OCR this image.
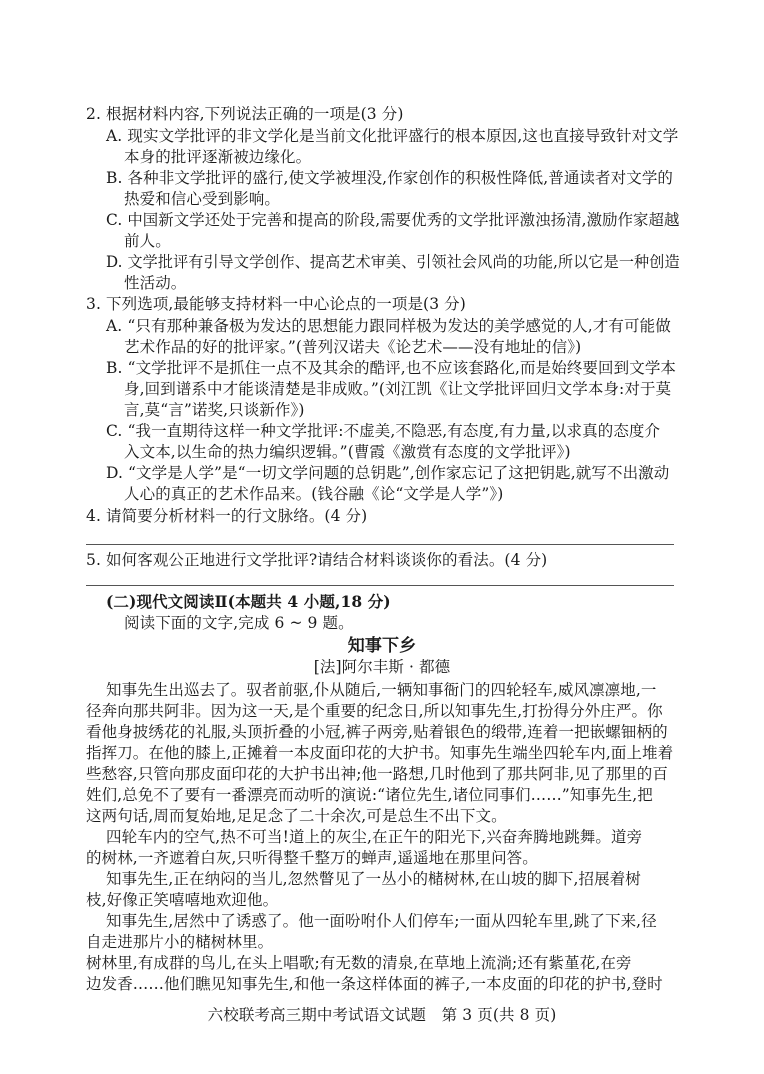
2. 根据材料内容,下列说法正确的一项是(3 分)
A. 现实文学批评的非文学化是当前文化批评盛行的根本原因,这也直接导致针对文学
本身的批评逐渐被边缘化。
B. 各种非文学批评的盛行,使文学被埋没,作家创作的积极性降低,普通读者对文学的
热爱和信心受到影响。
C. 中国新文学还处于完善和提高的阶段,需要优秀的文学批评激浊扬清,激励作家超越
前人。
D. 文学批评有引导文学创作、提高艺术审美、引领社会风尚的功能,所以它是一种创造
性活动。
3. 下列选项,最能够支持材料一中心论点的一项是(3 分)
A. “只有那种兼备极为发达的思想能力跟同样极为发达的美学感觉的人,才有可能做
艺术作品的好的批评家。”(普列汉诺夫《论艺术——没有地址的信》)
B. “文学批评不是抓住一点不及其余的酷评,也不应该套路化,而是始终要回到文学本
身,回到谱系中才能谈清楚是非成败。”(刘江凯《让文学批评回归文学本身:对于莫
言,莫“言”诺奖,只谈新作》)
C. “我一直期待这样一种文学批评:不虚美,不隐恶,有态度,有力量,以求真的态度介
入文本,以生命的热力编织逻辑。”(曹霞《激赏有态度的文学批评》)
D. “文学是人学”是“一切文学问题的总钥匙”,创作家忘记了这把钥匙,就写不出激动
人心的真正的艺术作品来。(钱谷融《论“文学是人学”》)
4. 请简要分析材料一的行文脉络。(4 分)
5. 如何客观公正地进行文学批评?请结合材料谈谈你的看法。(4 分)
(二)现代文阅读Ⅱ(本题共 4 小题,18 分)
阅读下面的文字,完成 6 ~ 9 题。
知事下乡
[法]阿尔丰斯 · 都德
知事先生出巡去了。驭者前驱,仆从随后,一辆知事衙门的四轮轻车,威风凛凛地,一
径奔向那共阿非。因为这一天,是个重要的纪念日,所以知事先生,打扮得分外庄严。你
看他身披绣花的礼服,头顶折叠的小冠,裤子两旁,贴着银色的缎带,连着一把嵌螺钿柄的
指挥刀。在他的膝上,正摊着一本皮面印花的大护书。知事先生端坐四轮车内,面上堆着
些愁容,只管向那皮面印花的大护书出神;他一路想,几时他到了那共阿非,见了那里的百
姓们,总免不了要有一番漂亮而动听的演说:“诸位先生,诸位同事们……”知事先生,把
这两句话,周而复始地,足足念了二十余次,可是总生不出下文。
四轮车内的空气,热不可当!道上的灰尘,在正午的阳光下,兴奋奔腾地跳舞。道旁
的树林,一齐遮着白灰,只听得整千整万的蝉声,遥遥地在那里问答。
知事先生,正在纳闷的当儿,忽然瞥见了一丛小的槠树林,在山坡的脚下,招展着树
枝,好像正笑嘻嘻地欢迎他。
知事先生,居然中了诱惑了。他一面吩咐仆人们停车;一面从四轮车里,跳了下来,径
自走进那片小的槠树林里。
树林里,有成群的鸟儿,在头上唱歌;有无数的清泉,在草地上流淌;还有紫堇花,在旁
边发香……他们瞧见知事先生,和他一条这样体面的裤子,一本皮面的印花的护书,登时
六校联考高三期中考试语文试题　第 3 页(共 8 页)
